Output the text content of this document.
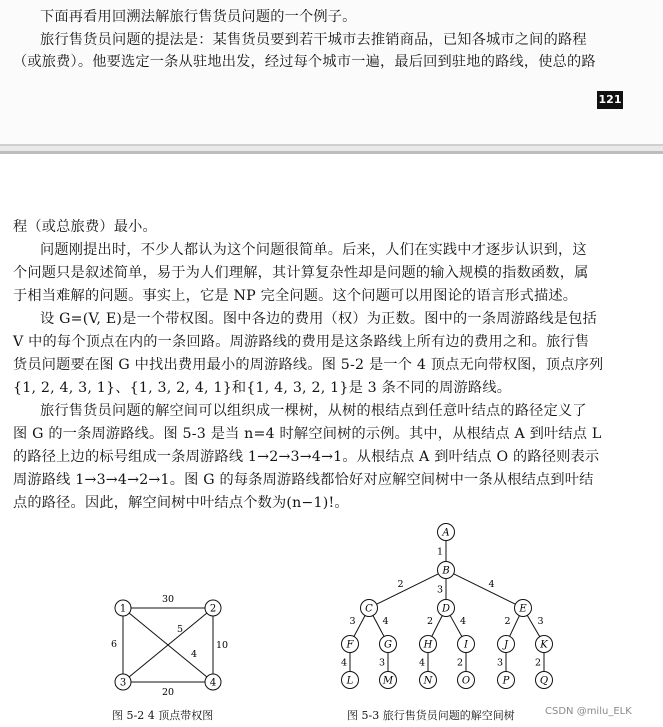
下面再看用回溯法解旅行售货员问题的一个例子。
旅行售货员问题的提法是：某售货员要到若干城市去推销商品，已知各城市之间的路程
（或旅费）。他要选定一条从驻地出发，经过每个城市一遍，最后回到驻地的路线，使总的路
121
程（或总旅费）最小。
问题刚提出时，不少人都认为这个问题很简单。后来，人们在实践中才逐步认识到，这
个问题只是叙述简单，易于为人们理解，其计算复杂性却是问题的输入规模的指数函数，属
于相当难解的问题。事实上，它是 NP 完全问题。这个问题可以用图论的语言形式描述。
设 G=(V, E)是一个带权图。图中各边的费用（权）为正数。图中的一条周游路线是包括
V 中的每个顶点在内的一条回路。周游路线的费用是这条路线上所有边的费用之和。旅行售
货员问题要在图 G 中找出费用最小的周游路线。图 5-2 是一个 4 顶点无向带权图，顶点序列
{1, 2, 4, 3, 1}、{1, 3, 2, 4, 1}和{1, 4, 3, 2, 1}是 3 条不同的周游路线。
旅行售货员问题的解空间可以组织成一棵树，从树的根结点到任意叶结点的路径定义了
图 G 的一条周游路线。图 5-3 是当 n=4 时解空间树的示例。其中，从根结点 A 到叶结点 L
的路径上边的标号组成一条周游路线 1→2→3→4→1。从根结点 A 到叶结点 O 的路径则表示
周游路线 1→3→4→2→1。图 G 的每条周游路线都恰好对应解空间树中一条从根结点到叶结
点的路径。因此，解空间树中叶结点个数为(n−1)!。
30
6
4
5
10
20
1	2
3	4
图 5-2 4 顶点带权图
1
2	3	4
3	4	2	4	2	3
4	3	4	2	3	2
A
B
C	D	E
F	G	H	I	J	K
L	M	N	O	P	Q
图 5-3 旅行售货员问题的解空间树	CSDN @milu_ELK
